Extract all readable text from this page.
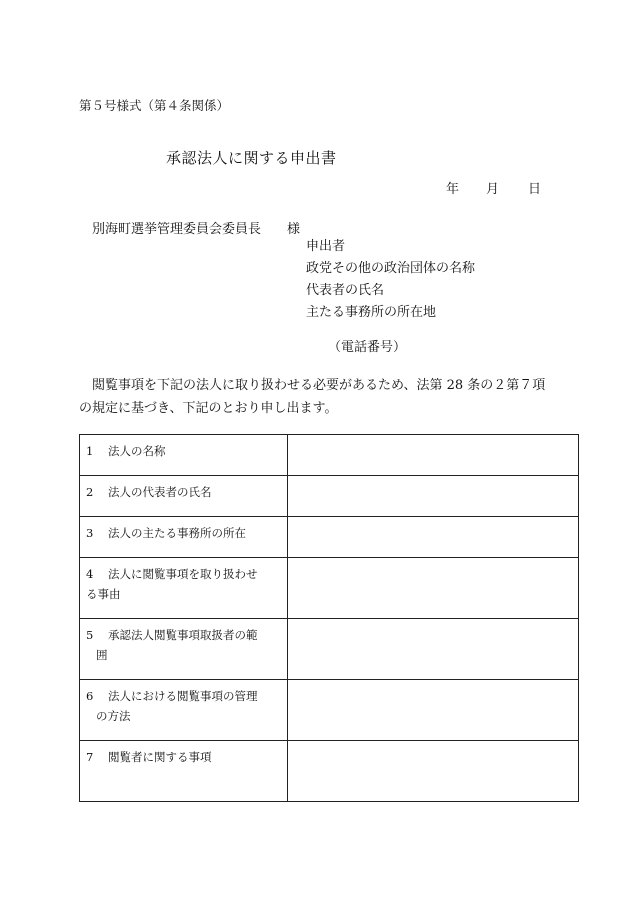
第５号様式（第４条関係）
承認法人に関する申出書
年 月 日
別海町選挙管理委員会委員長 様
申出者
政党その他の政治団体の名称
代表者の氏名
主たる事務所の所在地
（電話番号）
閲覧事項を下記の法人に取り扱わせる必要があるため、法第 28 条の２第７項
の規定に基づき、下記のとおり申し出ます。
1 法人の名称	
2 法人の代表者の氏名	
3 法人の主たる事務所の所在	
4 法人に閲覧事項を取り扱わせ
る事由	
5 承認法人閲覧事項取扱者の範
囲	
6 法人における閲覧事項の管理
の方法	
7 閲覧者に関する事項	
